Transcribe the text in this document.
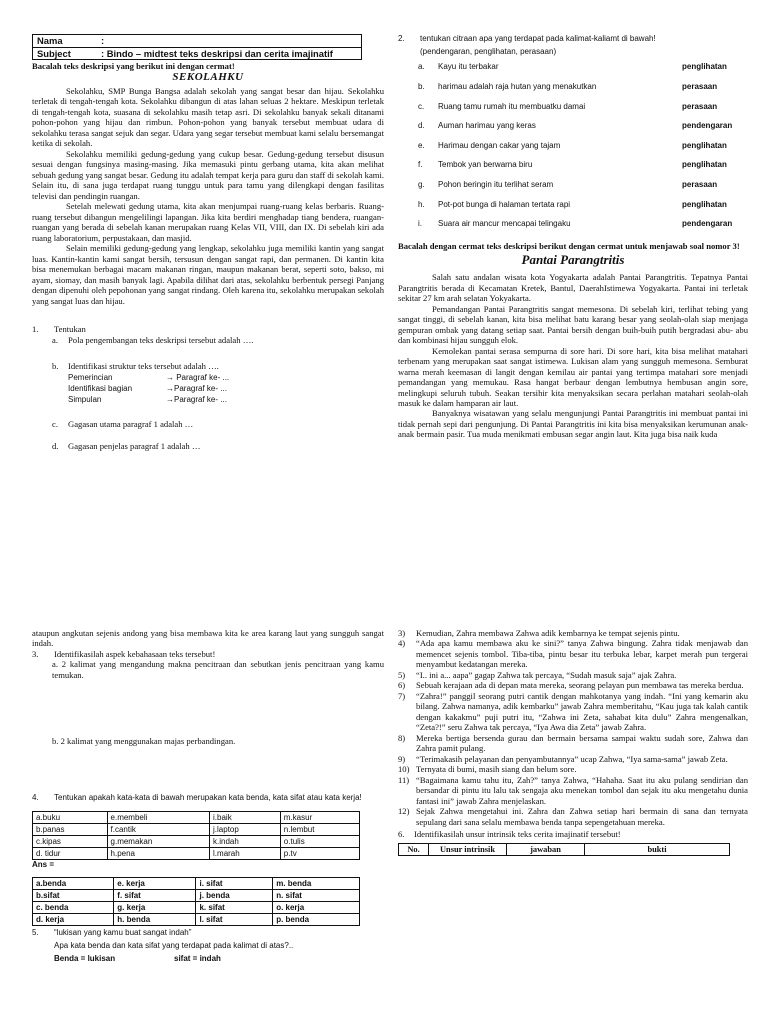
Nama	:
Subject	: Bindo – midtest teks deskripsi dan cerita imajinatif
Bacalah teks deskripsi yang berikut ini dengan cermat!
SEKOLAHKU
Sekolahku, SMP Bunga Bangsa adalah sekolah yang sangat besar dan hijau. Sekolahku terletak di tengah-tengah kota. Sekolahku dibangun di atas lahan seluas 2 hektare. Meskipun terletak di tengah-tengah kota, suasana di sekolahku masih tetap asri. Di sekolahku banyak sekali ditanami pohon-pohon yang hijau dan rimbun. Pohon-pohon yang banyak tersebut membuat udara di sekolahku terasa sangat sejuk dan segar. Udara yang segar tersebut membuat kami selalu bersemangat ketika di sekolah.
Sekolahku memiliki gedung-gedung yang cukup besar. Gedung-gedung tersebut disusun sesuai dengan fungsinya masing-masing. Jika memasuki pintu gerbang utama, kita akan melihat sebuah gedung yang sangat besar. Gedung itu adalah tempat kerja para guru dan staff di sekolah kami. Selain itu, di sana juga terdapat ruang tunggu untuk para tamu yang dilengkapi dengan fasilitas televisi dan pendingin ruangan.
Setelah melewati gedung utama, kita akan menjumpai ruang-ruang kelas berbaris. Ruang-ruang tersebut dibangun mengelilingi lapangan. Jika kita berdiri menghadap tiang bendera, ruangan-ruangan yang berada di sebelah kanan merupakan ruang Kelas VII, VIII, dan IX. Di sebelah kiri ada ruang laboratorium, perpustakaan, dan masjid.
Selain memiliki gedung-gedung yang lengkap, sekolahku juga memiliki kantin yang sangat luas. Kantin-kantin kami sangat bersih, tersusun dengan sangat rapi, dan permanen. Di kantin kita bisa menemukan berbagai macam makanan ringan, maupun makanan berat, seperti soto, bakso, mi ayam, siomay, dan masih banyak lagi. Apabila dilihat dari atas, sekolahku berbentuk persegi Panjang dengan dipenuhi oleh pepohonan yang sangat rindang. Oleh karena itu, sekolahku merupakan sekolah yang sangat luas dan hijau.
1.	Tentukan
a.	Pola pengembangan teks deskripsi tersebut adalah ….
b.	Identifikasi struktur teks tersebut adalah ….
Pemerincian	→ Paragraf ke- ...
Identifikasi bagian	→Paragraf ke- ...
Simpulan	→Paragraf ke- ...
c.	Gagasan utama paragraf 1 adalah …
d.	Gagasan penjelas paragraf 1 adalah …
2.	tentukan citraan apa yang terdapat pada kalimat-kaliamt di bawah!
(pendengaran, penglihatan, perasaan)
a.	Kayu itu terbakar	penglihatan
b.	harimau adalah raja hutan yang menakutkan	perasaan
c.	Ruang tamu rumah itu membuatku damai	perasaan
d.	Auman harimau yang keras	pendengaran
e.	Harimau dengan cakar yang tajam	penglihatan
f.	Tembok yan berwarna biru	penglihatan
g.	Pohon beringin itu terlihat seram	perasaan
h.	Pot-pot bunga di halaman tertata rapi	penglihatan
i.	Suara air mancur mencapai telingaku	pendengaran
Bacalah dengan cermat teks deskripsi berikut dengan cermat untuk menjawab soal nomor 3!
Pantai Parangtritis
Salah satu andalan wisata kota Yogyakarta adalah Pantai Parangtritis. Tepatnya Pantai Parangtritis berada di Kecamatan Kretek, Bantul, DaerahIstimewa Yogyakarta. Pantai ini terletak sekitar 27 km arah selatan Yokyakarta.
Pemandangan Pantai Parangtritis sangat memesona. Di sebelah kiri, terlihat tebing yang sangat tinggi, di sebelah kanan, kita bisa melihat batu karang besar yang seolah-olah siap menjaga gempuran ombak yang datang setiap saat. Pantai bersih dengan buih-buih putih bergradasi abu- abu dan kombinasi hijau sungguh elok.
Kemolekan pantai serasa sempurna di sore hari. Di sore hari, kita bisa melihat matahari terbenam yang merupakan saat sangat istimewa. Lukisan alam yang sungguh memesona. Semburat warna merah keemasan di langit dengan kemilau air pantai yang tertimpa matahari sore menjadi pemandangan yang memukau. Rasa hangat berbaur dengan lembutnya hembusan angin sore, melingkupi seluruh tubuh. Seakan tersihir kita menyaksikan secara perlahan matahari seolah-olah masuk ke dalam hamparan air laut.
Banyaknya wisatawan yang selalu mengunjungi Pantai Parangtritis ini membuat pantai ini tidak pernah sepi dari pengunjung. Di Pantai Parangtritis ini kita bisa menyaksikan kerumunan anak-anak bermain pasir. Tua muda menikmati embusan segar angin laut. Kita juga bisa naik kuda
ataupun angkutan sejenis andong yang bisa membawa kita ke area karang laut yang sungguh sangat indah.
3.	Identifikasilah aspek kebahasaan teks tersebut!
a. 2 kalimat yang mengandung makna pencitraan dan sebutkan jenis pencitraan yang kamu temukan.
b. 2 kalimat yang menggunakan majas perbandingan.
4.	Tentukan apakah kata-kata di bawah merupakan kata benda, kata sifat atau kata kerja!
a.buku	e.membeli	i.baik	m.kasur
b.panas	f.cantik	j.laptop	n.lembut
c.kipas	g.memakan	k.indah	o.tulis
d. tidur	h.pena	l.marah	p.tv
Ans =
a.benda	e. kerja	i. sifat	m. benda
b.sifat	f. sifat	j. benda	n. sifat
c. benda	g. kerja	k. sifat	o. kerja
d. kerja	h. benda	l. sifat	p. benda
5.	“lukisan yang kamu buat sangat indah”
Apa kata benda dan kata sifat yang terdapat pada kalimat di atas?..
Benda = lukisan	sifat = indah
3)	Kemudian, Zahra membawa Zahwa adik kembarnya ke tempat sejenis pintu.
4)	“Ada apa kamu membawa aku ke sini?” tanya Zahwa bingung. Zahra tidak menjawab dan memencet sejenis tombol. Tiba-tiba, pintu besar itu terbuka lebar, karpet merah pun tergerai menyambut kedatangan mereka.
5)	“I.. ini a... aapa” gagap Zahwa tak percaya, “Sudah masuk saja” ajak Zahra.
6)	Sebuah kerajaan ada di depan mata mereka, seorang pelayan pun membawa tas mereka berdua.
7)	“Zahra!” panggil seorang putri cantik dengan mahkotanya yang indah. “Ini yang kemarin aku bilang. Zahwa namanya, adik kembarku” jawab Zahra memberitahu, “Kau juga tak kalah cantik dengan kakakmu” puji putri itu, “Zahwa ini Zeta, sahabat kita dulu” Zahra mengenalkan, “Zeta?!” seru Zahwa tak percaya, “Iya Awa dia Zeta” jawab Zahra.
8)	Mereka bertiga bersenda gurau dan bermain bersama sampai waktu sudah sore, Zahwa dan Zahra pamit pulang.
9)	“Terimakasih pelayanan dan penyambutannya” ucap Zahwa, “Iya sama-sama” jawab Zeta.
10) Ternyata di bumi, masih siang dan belum sore.
11) “Bagaimana kamu tahu itu, Zah?” tanya Zahwa, “Hahaha. Saat itu aku pulang sendirian dan bersandar di pintu itu lalu tak sengaja aku menekan tombol dan sejak itu aku mengetahu dunia fantasi ini” jawab Zahra menjelaskan.
12) Sejak Zahwa mengetahui ini. Zahra dan Zahwa setiap hari bermain di sana dan ternyata sepulang dari sana selalu membawa benda tanpa sepengetahuan mereka.
6.	Identifikasilah unsur intrinsik teks cerita imajinatif tersebut!
No.	Unsur intrinsik	jawaban	bukti
